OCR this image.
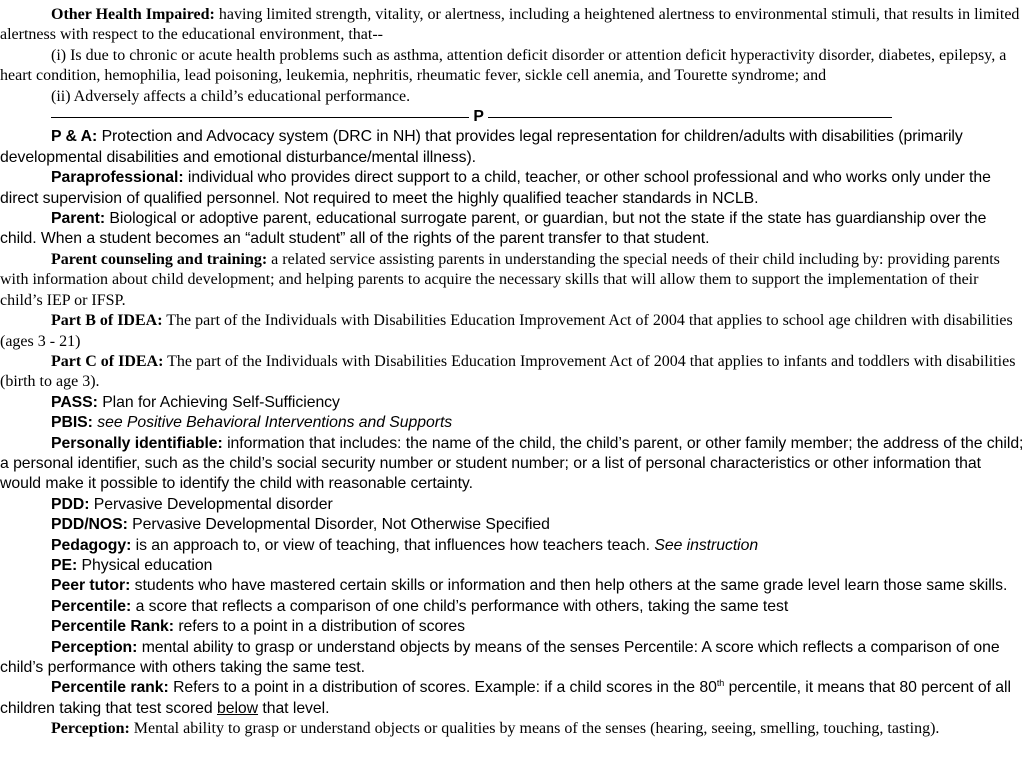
Other Health Impaired: having limited strength, vitality, or alertness, including a heightened alertness to environmental stimuli, that results in limited alertness with respect to the educational environment, that--

(i) Is due to chronic or acute health problems such as asthma, attention deficit disorder or attention deficit hyperactivity disorder, diabetes, epilepsy, a heart condition, hemophilia, lead poisoning, leukemia, nephritis, rheumatic fever, sickle cell anemia, and Tourette syndrome; and

(ii) Adversely affects a child’s educational performance.

P

P & A: Protection and Advocacy system (DRC in NH) that provides legal representation for children/adults with disabilities (primarily developmental disabilities and emotional disturbance/mental illness).

Paraprofessional: individual who provides direct support to a child, teacher, or other school professional and who works only under the direct supervision of qualified personnel. Not required to meet the highly qualified teacher standards in NCLB.

Parent: Biological or adoptive parent, educational surrogate parent, or guardian, but not the state if the state has guardianship over the child. When a student becomes an “adult student” all of the rights of the parent transfer to that student.

Parent counseling and training: a related service assisting parents in understanding the special needs of their child including by: providing parents with information about child development; and helping parents to acquire the necessary skills that will allow them to support the implementation of their child’s IEP or IFSP.

Part B of IDEA: The part of the Individuals with Disabilities Education Improvement Act of 2004 that applies to school age children with disabilities (ages 3 - 21)

Part C of IDEA: The part of the Individuals with Disabilities Education Improvement Act of 2004 that applies to infants and toddlers with disabilities (birth to age 3).

PASS: Plan for Achieving Self-Sufficiency

PBIS: see Positive Behavioral Interventions and Supports

Personally identifiable: information that includes: the name of the child, the child’s parent, or other family member; the address of the child; a personal identifier, such as the child’s social security number or student number; or a list of personal characteristics or other information that would make it possible to identify the child with reasonable certainty.

PDD: Pervasive Developmental disorder

PDD/NOS: Pervasive Developmental Disorder, Not Otherwise Specified

Pedagogy: is an approach to, or view of teaching, that influences how teachers teach. See instruction

PE: Physical education

Peer tutor: students who have mastered certain skills or information and then help others at the same grade level learn those same skills.

Percentile: a score that reflects a comparison of one child’s performance with others, taking the same test

Percentile Rank: refers to a point in a distribution of scores

Perception: mental ability to grasp or understand objects by means of the senses Percentile: A score which reflects a comparison of one child’s performance with others taking the same test.

Percentile rank: Refers to a point in a distribution of scores. Example: if a child scores in the 80th percentile, it means that 80 percent of all children taking that test scored below that level.

Perception: Mental ability to grasp or understand objects or qualities by means of the senses (hearing, seeing, smelling, touching, tasting).
